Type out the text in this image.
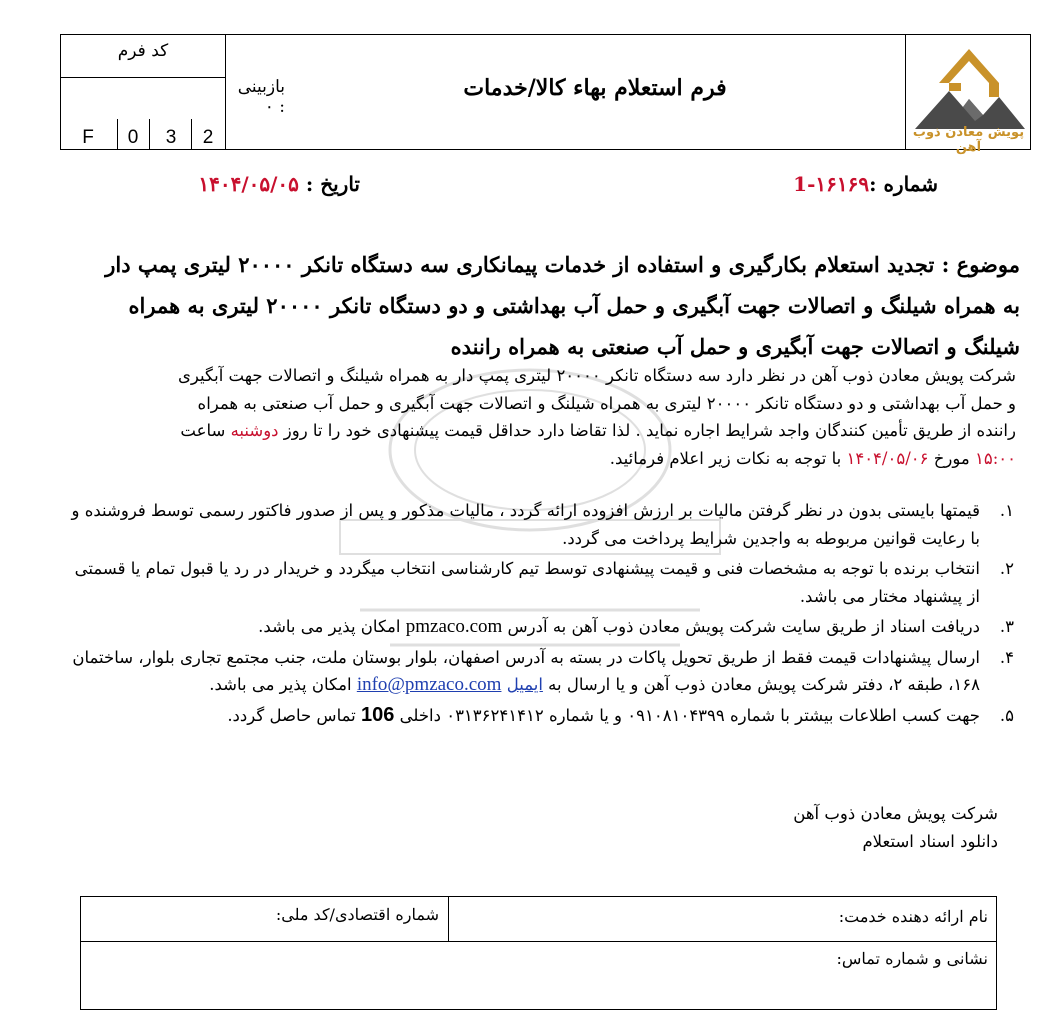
کد فرم
F	0	3	2
بازبینی : ۰
فرم استعلام بهاء کالا/خدمات
پویش معادن ذوب آهن
شماره :۱۶۱۶۹-1
تاریخ : ۱۴۰۴/۰۵/۰۵
موضوع : تجدید استعلام بکارگیری و استفاده از خدمات پیمانکاری سه دستگاه تانکر ۲۰۰۰۰ لیتری پمپ دار
به همراه شیلنگ و اتصالات جهت آبگیری و حمل آب بهداشتی و دو دستگاه تانکر ۲۰۰۰۰ لیتری به همراه
شیلنگ و اتصالات جهت آبگیری و حمل آب صنعتی به همراه راننده
شرکت پویش معادن ذوب آهن در نظر دارد سه دستگاه تانکر ۲۰۰۰۰ لیتری پمپ دار به همراه شیلنگ و اتصالات جهت آبگیری
و حمل آب بهداشتی و دو دستگاه تانکر ۲۰۰۰۰ لیتری به همراه شیلنگ و اتصالات جهت آبگیری و حمل آب صنعتی به همراه
راننده از طریق تأمین کنندگان واجد شرایط اجاره نماید . لذا تقاضا دارد حداقل قیمت پیشنهادی خود را تا روز دوشنبه ساعت
۱۵:۰۰ مورخ ۱۴۰۴/۰۵/۰۶ با توجه به نکات زیر اعلام فرمائید.
۱.
قیمتها بایستی بدون در نظر گرفتن مالیات بر ارزش افزوده ارائه گردد ، مالیات مذکور و پس از صدور فاکتور رسمی توسط فروشنده و با رعایت قوانین مربوطه به واجدین شرایط پرداخت می گردد.
۲.
انتخاب برنده با توجه به مشخصات فنی و قیمت پیشنهادی توسط تیم کارشناسی انتخاب میگردد و خریدار در رد یا قبول تمام یا قسمتی از پیشنهاد مختار می باشد.
۳.
دریافت اسناد از طریق سایت شرکت پویش معادن ذوب آهن به آدرس pmzaco.com امکان پذیر می باشد.
۴.
ارسال پیشنهادات قیمت فقط از طریق تحویل پاکات در بسته به آدرس اصفهان، بلوار بوستان ملت، جنب مجتمع تجاری بلوار، ساختمان ۱۶۸، طبقه ۲، دفتر شرکت پویش معادن ذوب آهن و یا ارسال به ایمیل info@pmzaco.com امکان پذیر می باشد.
۵.
جهت کسب اطلاعات بیشتر با شماره ۰۹۱۰۸۱۰۴۳۹۹ و یا شماره ۰۳۱۳۶۲۴۱۴۱۲ داخلی 106 تماس حاصل گردد.
شرکت پویش معادن ذوب آهن
دانلود اسناد استعلام
نام ارائه دهنده خدمت:
شماره اقتصادی/کد ملی:
نشانی و شماره تماس:
